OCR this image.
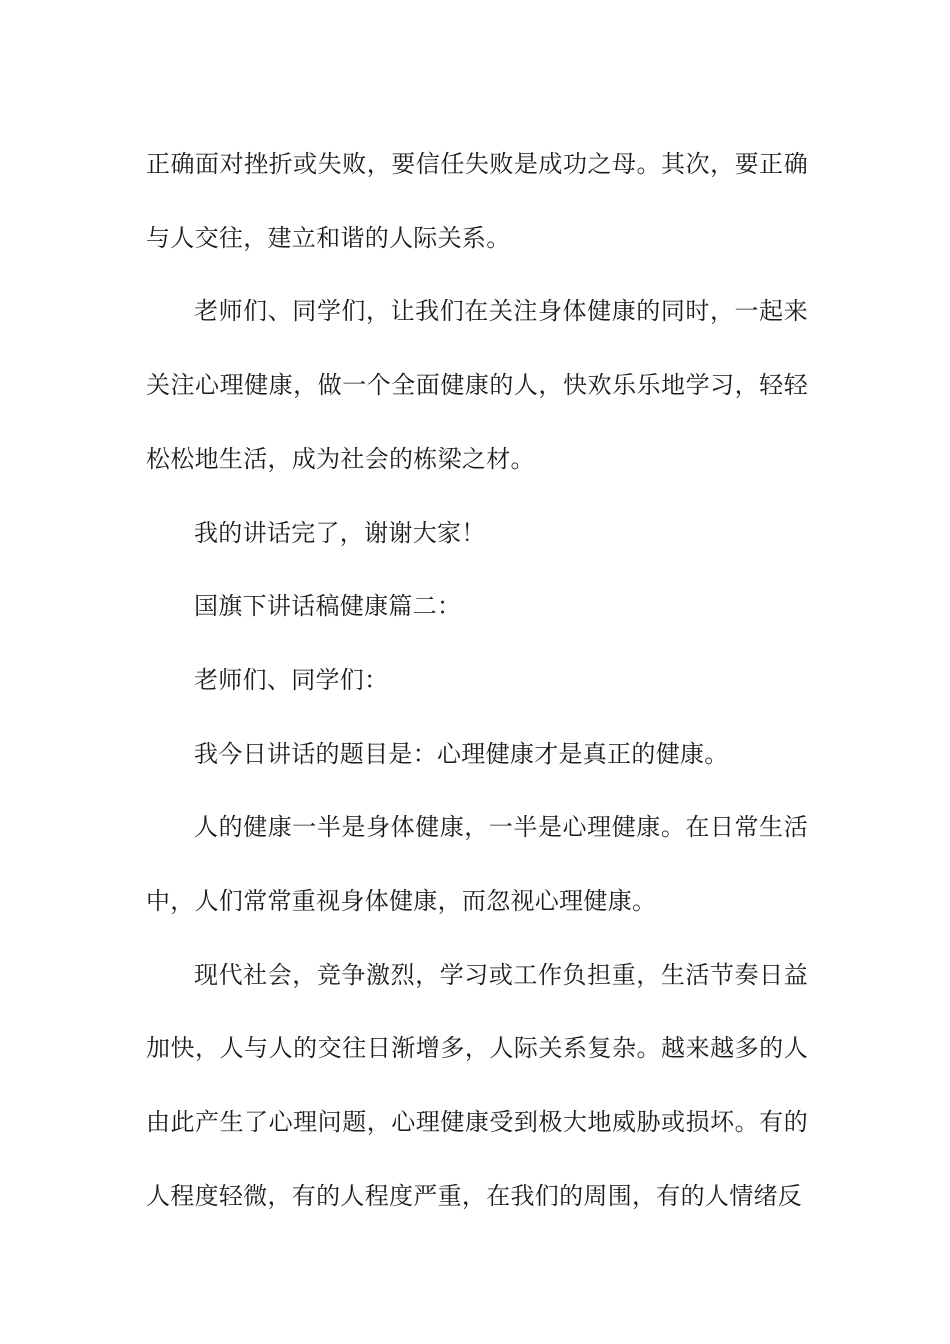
正确面对挫折或失败，要信任失败是成功之母。其次，要正确与人交往，建立和谐的人际关系。

老师们、同学们，让我们在关注身体健康的同时，一起来关注心理健康，做一个全面健康的人，快欢乐乐地学习，轻轻松松地生活，成为社会的栋梁之材。

我的讲话完了，谢谢大家！

国旗下讲话稿健康篇二：

老师们、同学们：

我今日讲话的题目是：心理健康才是真正的健康。

人的健康一半是身体健康，一半是心理健康。在日常生活中，人们常常重视身体健康，而忽视心理健康。

现代社会，竞争激烈，学习或工作负担重，生活节奏日益加快，人与人的交往日渐增多，人际关系复杂。越来越多的人由此产生了心理问题，心理健康受到极大地威胁或损坏。有的人程度轻微，有的人程度严重，在我们的周围，有的人情绪反
